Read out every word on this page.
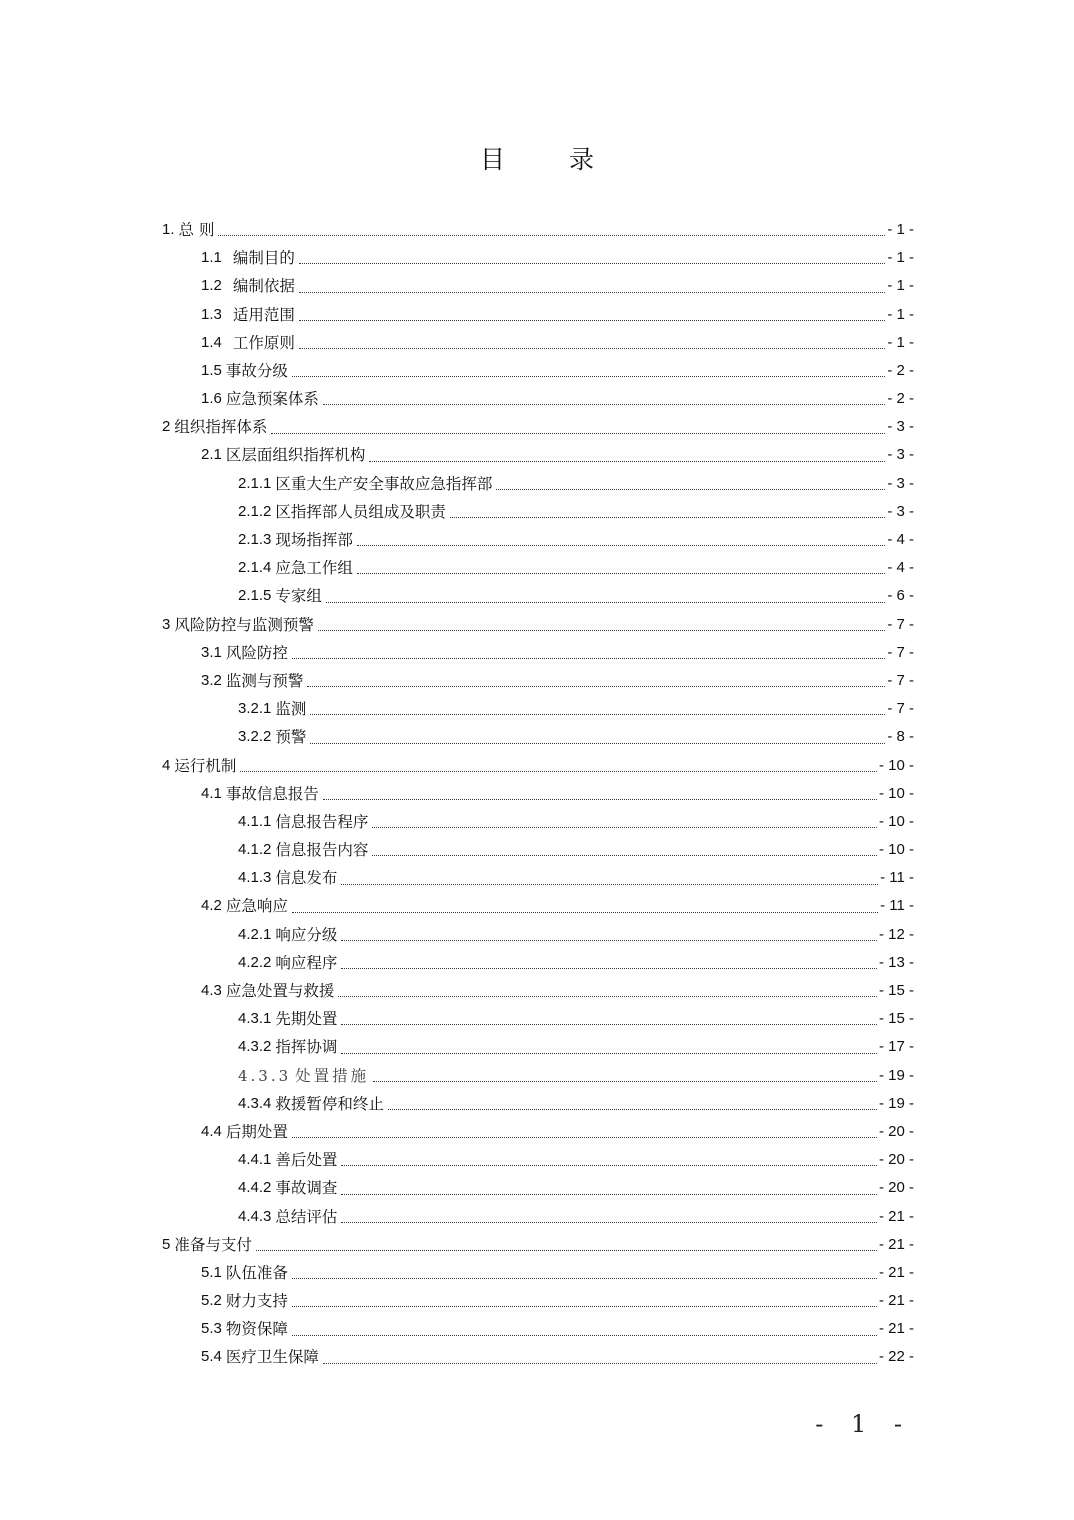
目 录
1. 总 则	- 1 -
1.1 编制目的	- 1 -
1.2 编制依据	- 1 -
1.3 适用范围	- 1 -
1.4 工作原则	- 1 -
1.5 事故分级	- 2 -
1.6 应急预案体系	- 2 -
2 组织指挥体系	- 3 -
2.1 区层面组织指挥机构	- 3 -
2.1.1 区重大生产安全事故应急指挥部	- 3 -
2.1.2 区指挥部人员组成及职责	- 3 -
2.1.3 现场指挥部	- 4 -
2.1.4 应急工作组	- 4 -
2.1.5 专家组	- 6 -
3 风险防控与监测预警	- 7 -
3.1 风险防控	- 7 -
3.2 监测与预警	- 7 -
3.2.1 监测	- 7 -
3.2.2 预警	- 8 -
4 运行机制	- 10 -
4.1 事故信息报告	- 10 -
4.1.1 信息报告程序	- 10 -
4.1.2 信息报告内容	- 10 -
4.1.3 信息发布	- 11 -
4.2 应急响应	- 11 -
4.2.1 响应分级	- 12 -
4.2.2 响应程序	- 13 -
4.3 应急处置与救援	- 15 -
4.3.1 先期处置	- 15 -
4.3.2 指挥协调	- 17 -
4.3.3 处置措施	- 19 -
4.3.4 救援暂停和终止	- 19 -
4.4 后期处置	- 20 -
4.4.1 善后处置	- 20 -
4.4.2 事故调查	- 20 -
4.4.3 总结评估	- 21 -
5 准备与支付	- 21 -
5.1 队伍准备	- 21 -
5.2 财力支持	- 21 -
5.3 物资保障	- 21 -
5.4 医疗卫生保障	- 22 -
- 1 -
